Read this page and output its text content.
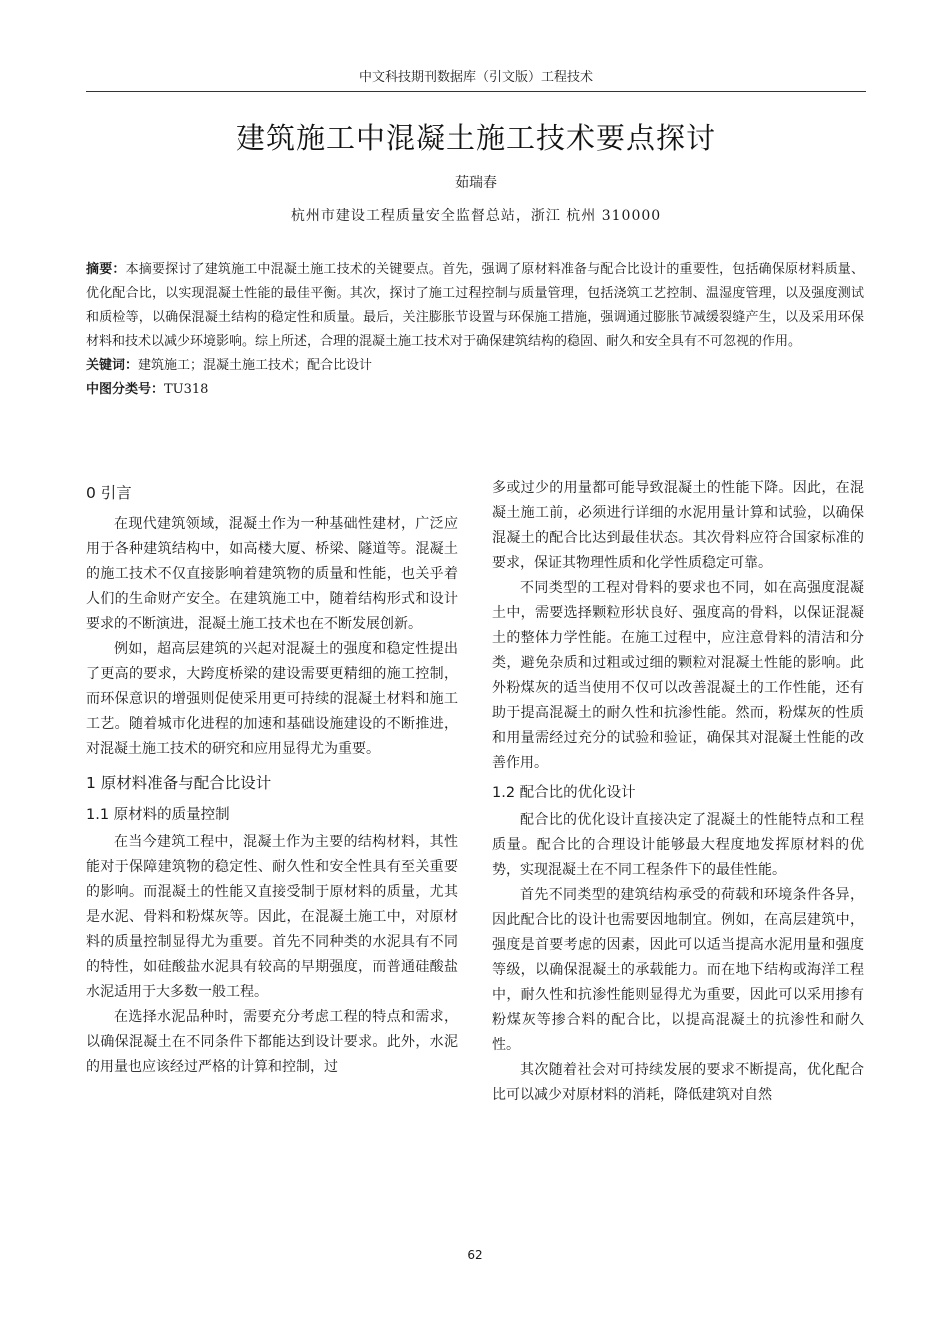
中文科技期刊数据库（引文版）工程技术
建筑施工中混凝土施工技术要点探讨
茹瑞春
杭州市建设工程质量安全监督总站，浙江 杭州 310000
摘要：本摘要探讨了建筑施工中混凝土施工技术的关键要点。首先，强调了原材料准备与配合比设计的重要性，包括确保原材料质量、优化配合比，以实现混凝土性能的最佳平衡。其次，探讨了施工过程控制与质量管理，包括浇筑工艺控制、温湿度管理，以及强度测试和质检等，以确保混凝土结构的稳定性和质量。最后，关注膨胀节设置与环保施工措施，强调通过膨胀节减缓裂缝产生，以及采用环保材料和技术以减少环境影响。综上所述，合理的混凝土施工技术对于确保建筑结构的稳固、耐久和安全具有不可忽视的作用。
关键词：建筑施工；混凝土施工技术；配合比设计
中图分类号：TU318
0 引言

在现代建筑领域，混凝土作为一种基础性建材，广泛应用于各种建筑结构中，如高楼大厦、桥梁、隧道等。混凝土的施工技术不仅直接影响着建筑物的质量和性能，也关乎着人们的生命财产安全。在建筑施工中，随着结构形式和设计要求的不断演进，混凝土施工技术也在不断发展创新。

例如，超高层建筑的兴起对混凝土的强度和稳定性提出了更高的要求，大跨度桥梁的建设需要更精细的施工控制，而环保意识的增强则促使采用更可持续的混凝土材料和施工工艺。随着城市化进程的加速和基础设施建设的不断推进，对混凝土施工技术的研究和应用显得尤为重要。

1 原材料准备与配合比设计
1.1 原材料的质量控制

在当今建筑工程中，混凝土作为主要的结构材料，其性能对于保障建筑物的稳定性、耐久性和安全性具有至关重要的影响。而混凝土的性能又直接受制于原材料的质量，尤其是水泥、骨料和粉煤灰等。因此，在混凝土施工中，对原材料的质量控制显得尤为重要。首先不同种类的水泥具有不同的特性，如硅酸盐水泥具有较高的早期强度，而普通硅酸盐水泥适用于大多数一般工程。

在选择水泥品种时，需要充分考虑工程的特点和需求，以确保混凝土在不同条件下都能达到设计要求。此外，水泥的用量也应该经过严格的计算和控制，过

多或过少的用量都可能导致混凝土的性能下降。因此，在混凝土施工前，必须进行详细的水泥用量计算和试验，以确保混凝土的配合比达到最佳状态。其次骨料应符合国家标准的要求，保证其物理性质和化学性质稳定可靠。

不同类型的工程对骨料的要求也不同，如在高强度混凝土中，需要选择颗粒形状良好、强度高的骨料，以保证混凝土的整体力学性能。在施工过程中，应注意骨料的清洁和分类，避免杂质和过粗或过细的颗粒对混凝土性能的影响。此外粉煤灰的适当使用不仅可以改善混凝土的工作性能，还有助于提高混凝土的耐久性和抗渗性能。然而，粉煤灰的性质和用量需经过充分的试验和验证，确保其对混凝土性能的改善作用。

1.2 配合比的优化设计

配合比的优化设计直接决定了混凝土的性能特点和工程质量。配合比的合理设计能够最大程度地发挥原材料的优势，实现混凝土在不同工程条件下的最佳性能。

首先不同类型的建筑结构承受的荷载和环境条件各异，因此配合比的设计也需要因地制宜。例如，在高层建筑中，强度是首要考虑的因素，因此可以适当提高水泥用量和强度等级，以确保混凝土的承载能力。而在地下结构或海洋工程中，耐久性和抗渗性能则显得尤为重要，因此可以采用掺有粉煤灰等掺合料的配合比，以提高混凝土的抗渗性和耐久性。

其次随着社会对可持续发展的要求不断提高，优化配合比可以减少对原材料的消耗，降低建筑对自然

62
